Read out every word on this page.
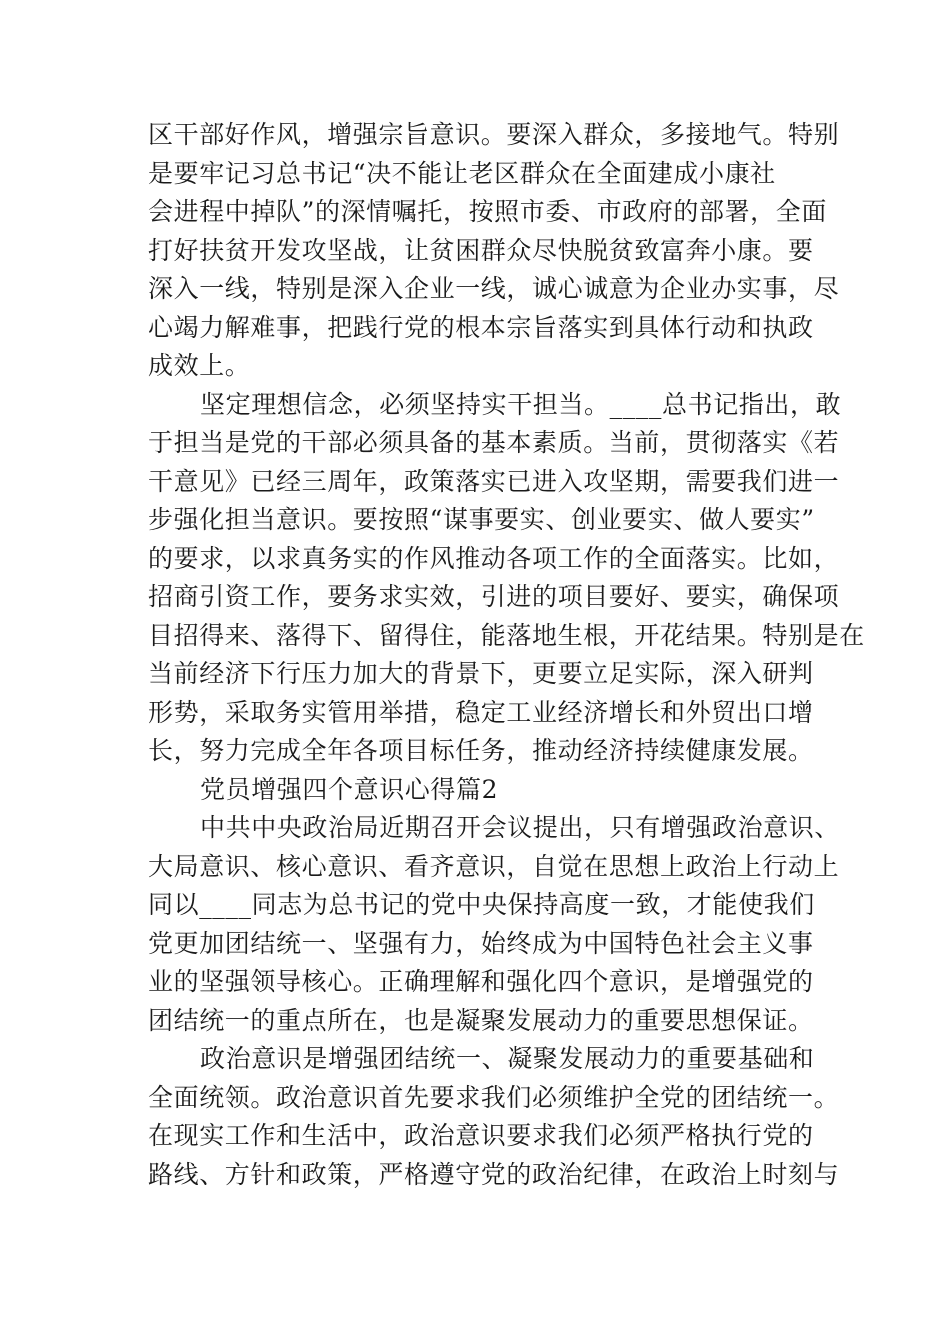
区干部好作风，增强宗旨意识。要深入群众，多接地气。特别
是要牢记习总书记“决不能让老区群众在全面建成小康社
会进程中掉队”的深情嘱托，按照市委、市政府的部署，全面
打好扶贫开发攻坚战，让贫困群众尽快脱贫致富奔小康。要
深入一线，特别是深入企业一线，诚心诚意为企业办实事，尽
心竭力解难事，把践行党的根本宗旨落实到具体行动和执政
成效上。
坚定理想信念，必须坚持实干担当。____总书记指出，敢
于担当是党的干部必须具备的基本素质。当前，贯彻落实《若
干意见》已经三周年，政策落实已进入攻坚期，需要我们进一
步强化担当意识。要按照“谋事要实、创业要实、做人要实”
的要求，以求真务实的作风推动各项工作的全面落实。比如，
招商引资工作，要务求实效，引进的项目要好、要实，确保项
目招得来、落得下、留得住，能落地生根，开花结果。特别是在
当前经济下行压力加大的背景下，更要立足实际，深入研判
形势，采取务实管用举措，稳定工业经济增长和外贸出口增
长，努力完成全年各项目标任务，推动经济持续健康发展。
党员增强四个意识心得篇2
中共中央政治局近期召开会议提出，只有增强政治意识、
大局意识、核心意识、看齐意识，自觉在思想上政治上行动上
同以____同志为总书记的党中央保持高度一致，才能使我们
党更加团结统一、坚强有力，始终成为中国特色社会主义事
业的坚强领导核心。正确理解和强化四个意识，是增强党的
团结统一的重点所在，也是凝聚发展动力的重要思想保证。
政治意识是增强团结统一、凝聚发展动力的重要基础和
全面统领。政治意识首先要求我们必须维护全党的团结统一。
在现实工作和生活中，政治意识要求我们必须严格执行党的
路线、方针和政策，严格遵守党的政治纪律，在政治上时刻与
